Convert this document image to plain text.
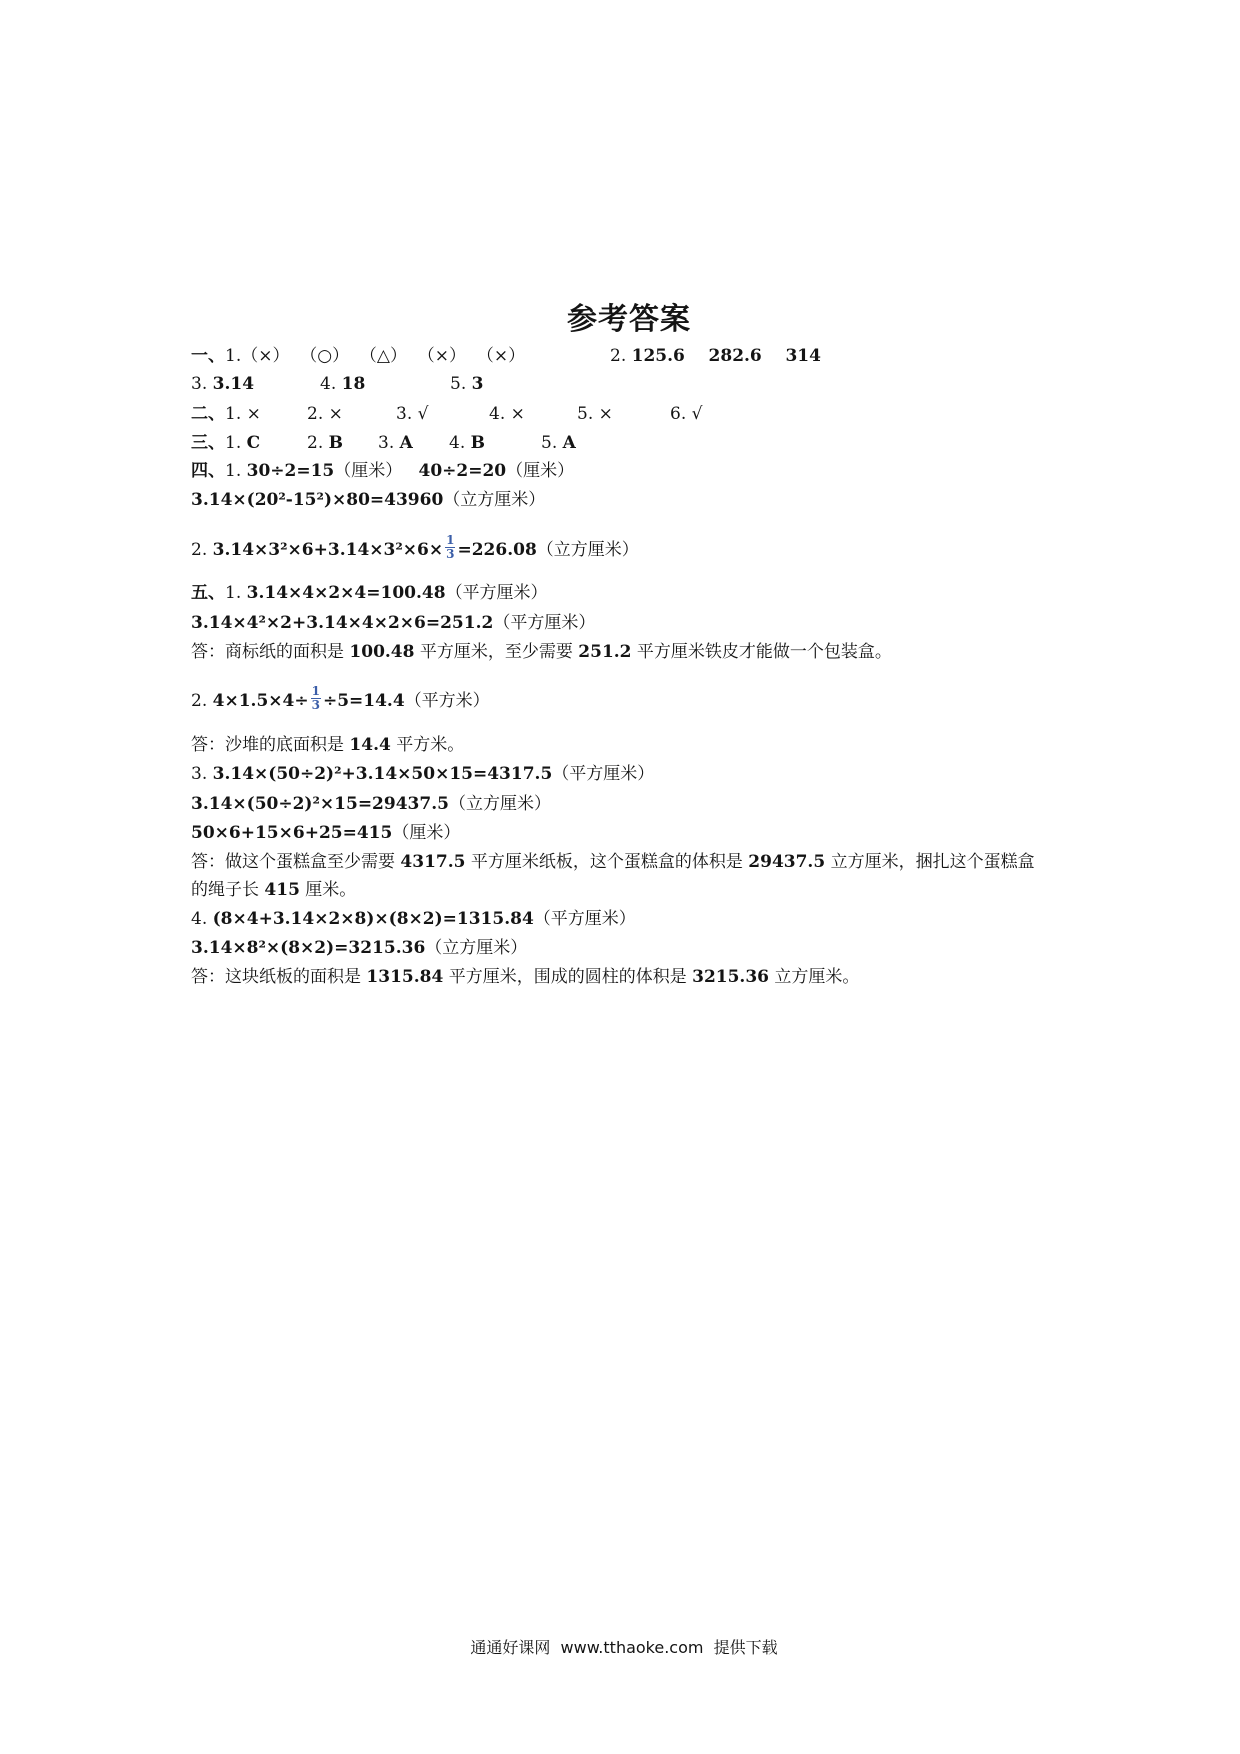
参考答案
一、1.（×）  （○）  （△）  （×）  （×）	2. 125.6    282.6    314
3. 3.14	4. 18	5. 3
二、1. ×	2. ×	3. √	4. ×	5. ×	6. √
三、1. C	2. B 3. A 4. B	5. A
四、1. 30÷2=15（厘米）   40÷2=20（厘米）
3.14×(20²-15²)×80=43960（立方厘米）
2. $3.14\times 3^2\times 6+3.14\times 3^2\times 6\times \frac{1}{3} =226.08$（立方厘米）
五、1. 3.14×4×2×4=100.48（平方厘米）
3.14×4²×2+3.14×4×2×6=251.2（平方厘米）
答：商标纸的面积是 100.48 平方厘米，至少需要 251.2 平方厘米铁皮才能做一个包装盒。
2. $4\times 1.5\times 4\div \frac{1}{3} \div 5=14.4$（平方米）
答：沙堆的底面积是 14.4 平方米。
3. 3.14×(50÷2)²+3.14×50×15=4317.5（平方厘米）
3.14×(50÷2)²×15=29437.5（立方厘米）
50×6+15×6+25=415（厘米）
答：做这个蛋糕盒至少需要 4317.5 平方厘米纸板，这个蛋糕盒的体积是 29437.5 立方厘米，捆扎这个蛋糕盒
的绳子长 415 厘米。
4. (8×4+3.14×2×8)×(8×2)=1315.84（平方厘米）
3.14×8²×(8×2)=3215.36（立方厘米）
答：这块纸板的面积是 1315.84 平方厘米，围成的圆柱的体积是 3215.36 立方厘米。
通通好课网  www.tthaoke.com  提供下载
